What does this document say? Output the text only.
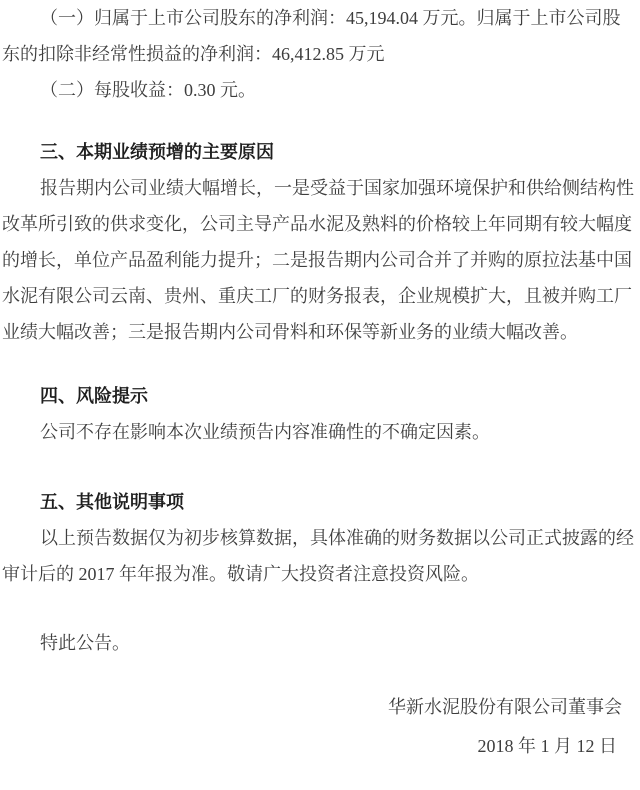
（一）归属于上市公司股东的净利润：45,194.04 万元。归属于上市公司股
东的扣除非经常性损益的净利润：46,412.85 万元
（二）每股收益：0.30 元。
三、本期业绩预增的主要原因
报告期内公司业绩大幅增长，一是受益于国家加强环境保护和供给侧结构性
改革所引致的供求变化，公司主导产品水泥及熟料的价格较上年同期有较大幅度
的增长，单位产品盈利能力提升；二是报告期内公司合并了并购的原拉法基中国
水泥有限公司云南、贵州、重庆工厂的财务报表，企业规模扩大，且被并购工厂
业绩大幅改善；三是报告期内公司骨料和环保等新业务的业绩大幅改善。
四、风险提示
公司不存在影响本次业绩预告内容准确性的不确定因素。
五、其他说明事项
以上预告数据仅为初步核算数据，具体准确的财务数据以公司正式披露的经
审计后的 2017 年年报为准。敬请广大投资者注意投资风险。
特此公告。
华新水泥股份有限公司董事会
2018 年 1 月 12 日
